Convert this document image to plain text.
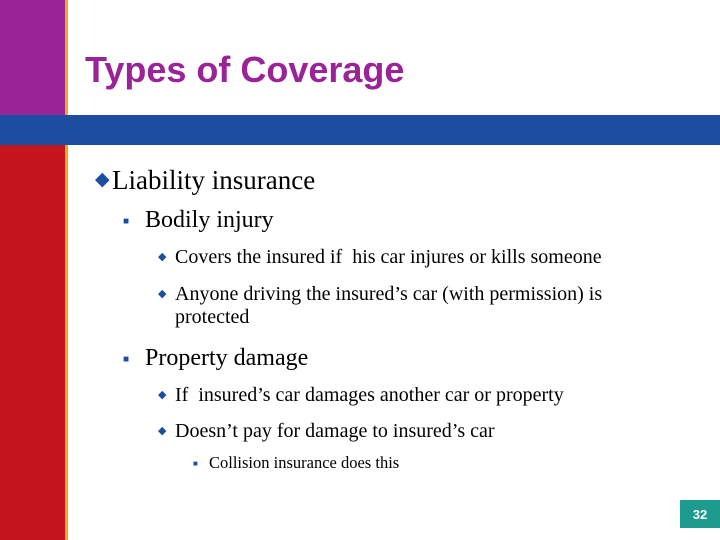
Types of Coverage
◆Liability insurance
■ Bodily injury
◆ Covers the insured if  his car injures or kills someone
◆ Anyone driving the insured’s car (with permission) is
protected
■ Property damage
◆ If  insured’s car damages another car or property
◆ Doesn’t pay for damage to insured’s car
■ Collision insurance does this
32
